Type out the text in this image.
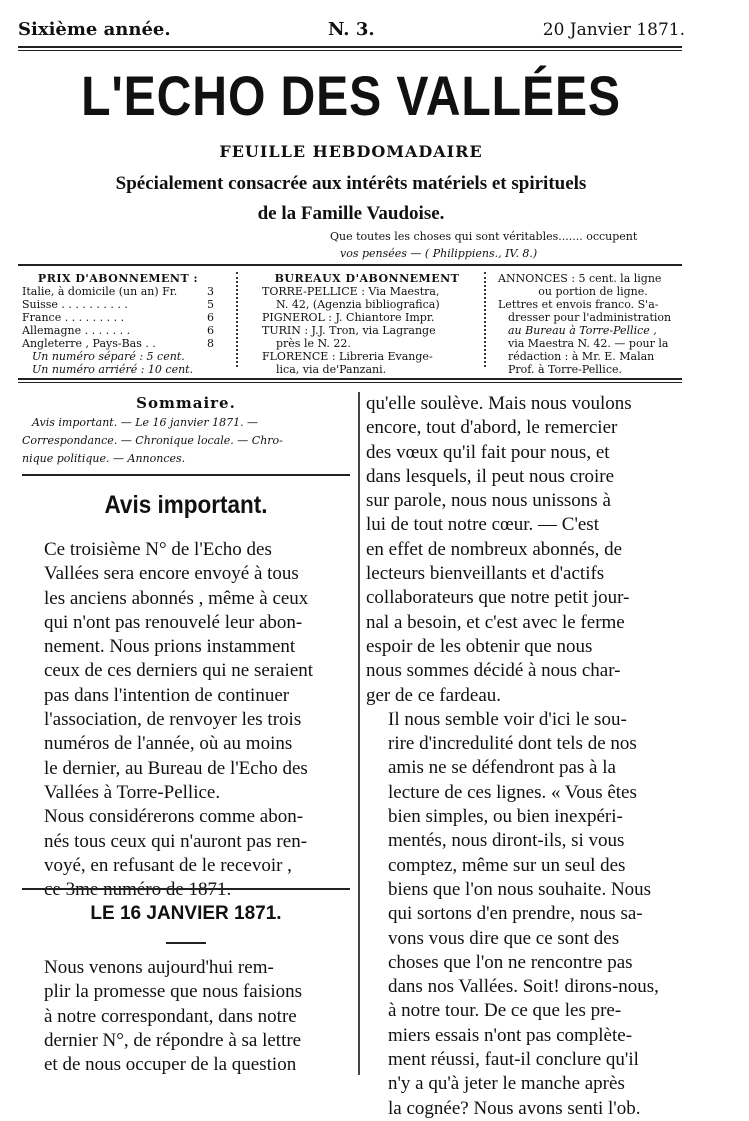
Sixième année.	N. 3.	20 Janvier 1871.
L'ECHO DES VALLÉES
FEUILLE HEBDOMADAIRE
Spécialement consacrée aux intérêts matériels et spirituels
de la Famille Vaudoise.
Que toutes les choses qui sont véritables....... occupent
vos pensées — ( Philippiens., IV. 8.)
PRIX D'ABONNEMENT :
Italie, à domicile (un an) Fr.	3
Suisse . . . . . . . . . .	5
France . . . . . . . . .	6
Allemagne . . . . . . .	6
Angleterre , Pays-Bas . .	8
Un numéro séparé : 5 cent.
Un numéro arriéré : 10 cent.
BUREAUX D'ABONNEMENT
TORRE-PELLICE : Via Maestra,
N. 42, (Agenzia bibliografica)
PIGNEROL : J. Chiantore Impr.
TURIN : J.J. Tron, via Lagrange
près le N. 22.
FLORENCE : Libreria Evange-
lica, via de'Panzani.
ANNONCES : 5 cent. la ligne
ou portion de ligne.
Lettres et envois franco. S'a-
dresser pour l'administration
au Bureau à Torre-Pellice ,
via Maestra N. 42. — pour la
rédaction : à Mr. E. Malan
Prof. à Torre-Pellice.
Sommaire.
Avis important. — Le 16 janvier 1871. —
Correspondance. — Chronique locale. — Chro-
nique politique. — Annonces.
Avis important.

Ce troisième N° de l'Echo des
Vallées sera encore envoyé à tous
les anciens abonnés , même à ceux
qui n'ont pas renouvelé leur abon-
nement. Nous prions instamment
ceux de ces derniers qui ne seraient
pas dans l'intention de continuer
l'association, de renvoyer les trois
numéros de l'année, où au moins
le dernier, au Bureau de l'Echo des
Vallées à Torre-Pellice.

Nous considérerons comme abon-
nés tous ceux qui n'auront pas ren-
voyé, en refusant de le recevoir ,

LE 16 JANVIER 1871.

Nous venons aujourd'hui rem-
plir la promesse que nous faisions
à notre correspondant, dans notre
dernier N°, de répondre à sa lettre
et de nous occuper de la question

qu'elle soulève. Mais nous voulons
encore, tout d'abord, le remercier
des vœux qu'il fait pour nous, et
dans lesquels, il peut nous croire
sur parole, nous nous unissons à
lui de tout notre cœur. — C'est
en effet de nombreux abonnés, de
lecteurs bienveillants et d'actifs
collaborateurs que notre petit jour-
nal a besoin, et c'est avec le ferme
espoir de les obtenir que nous
nous sommes décidé à nous char-
ger de ce fardeau.

Il nous semble voir d'ici le sou-
rire d'incredulité dont tels de nos
amis ne se défendront pas à la
lecture de ces lignes. « Vous êtes
bien simples, ou bien inexpéri-
mentés, nous diront-ils, si vous
comptez, même sur un seul des
biens que l'on nous souhaite. Nous
qui sortons d'en prendre, nous sa-
vons vous dire que ce sont des
choses que l'on ne rencontre pas
dans nos Vallées. Soit! dirons-nous,
à notre tour. De ce que les pre-
miers essais n'ont pas complète-
ment réussi, faut-il conclure qu'il
n'y a qu'à jeter le manche après
la cognée? Nous avons senti l'ob.
